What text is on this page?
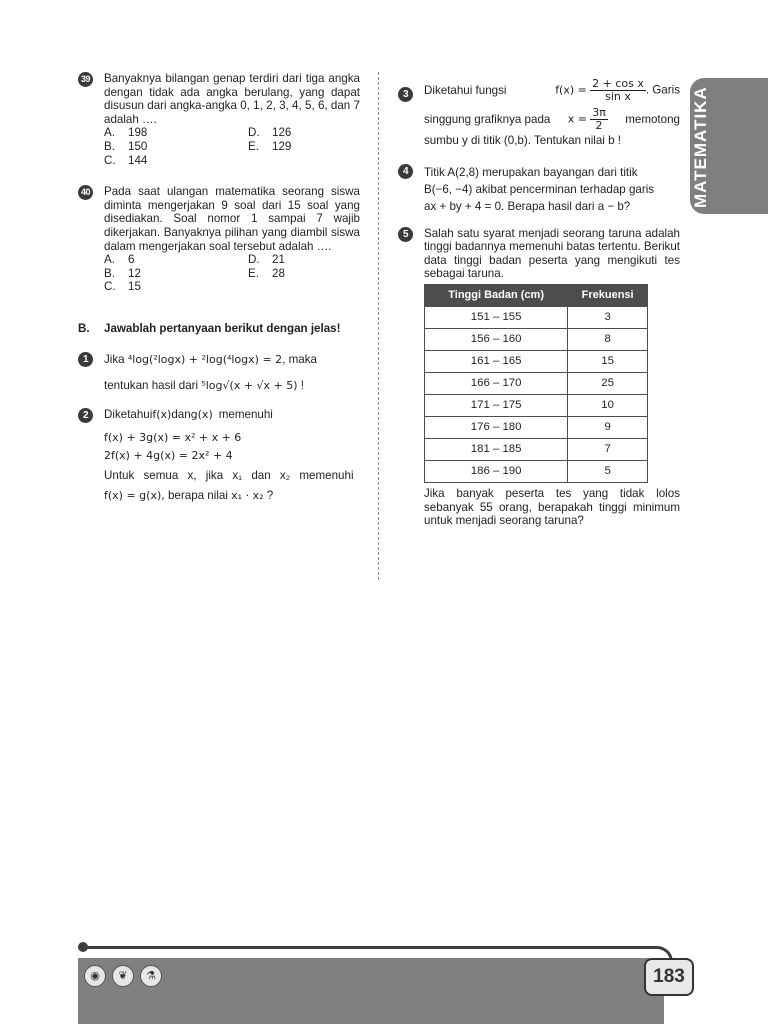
MATEMATIKA
39 Banyaknya bilangan genap terdiri dari tiga angka dengan tidak ada angka berulang, yang dapat disusun dari angka-angka 0, 1, 2, 3, 4, 5, 6, dan 7 adalah ….
A.	198	D.	126
B.	150	E.	129
C.	144
40 Pada saat ulangan matematika seorang siswa diminta mengerjakan 9 soal dari 15 soal yang disediakan. Soal nomor 1 sampai 7 wajib dikerjakan. Banyaknya pilihan yang diambil siswa dalam mengerjakan soal tersebut adalah ….
A.	6	D.	21
B.	12	E.	28
C.	15
B.	Jawablah pertanyaan berikut dengan jelas!
1	Jika ⁴log(²logx) + ²log(⁴logx) = 2, maka
tentukan hasil dari ⁵log√(x + √x + 5) !
2	Diketahui f(x) dan g(x) memenuhi
f(x) + 3g(x) = x² + x + 6
2f(x) + 4g(x) = 2x² + 4
Untuk semua x, jika x₁ dan x₂ memenuhi
f(x) = g(x), berapa nilai x₁ · x₂ ?
3	Diketahui fungsi	$f(x) = \frac{\text{2 + cos x}}{\text{sin x}}$ . Garis
singgung grafiknya pada $x = \frac{3\pi}{2}$ memotong
sumbu y di titik (0,b). Tentukan nilai b !
4	Titik A(2,8) merupakan bayangan dari titik
B(−6, −4) akibat pencerminan terhadap garis
ax + by + 4 = 0. Berapa hasil dari a − b?
5	Salah satu syarat menjadi seorang taruna adalah tinggi badannya memenuhi batas tertentu. Berikut data tinggi badan peserta yang mengikuti tes sebagai taruna.
Tinggi Badan (cm)	Frekuensi
151 – 155	3
156 – 160	8
161 – 165	15
166 – 170	25
171 – 175	10
176 – 180	9
181 – 185	7
186 – 190	5
Jika banyak peserta tes yang tidak lolos sebanyak 55 orang, berapakah tinggi minimum untuk menjadi seorang taruna?
◉	❦	⚗	183
